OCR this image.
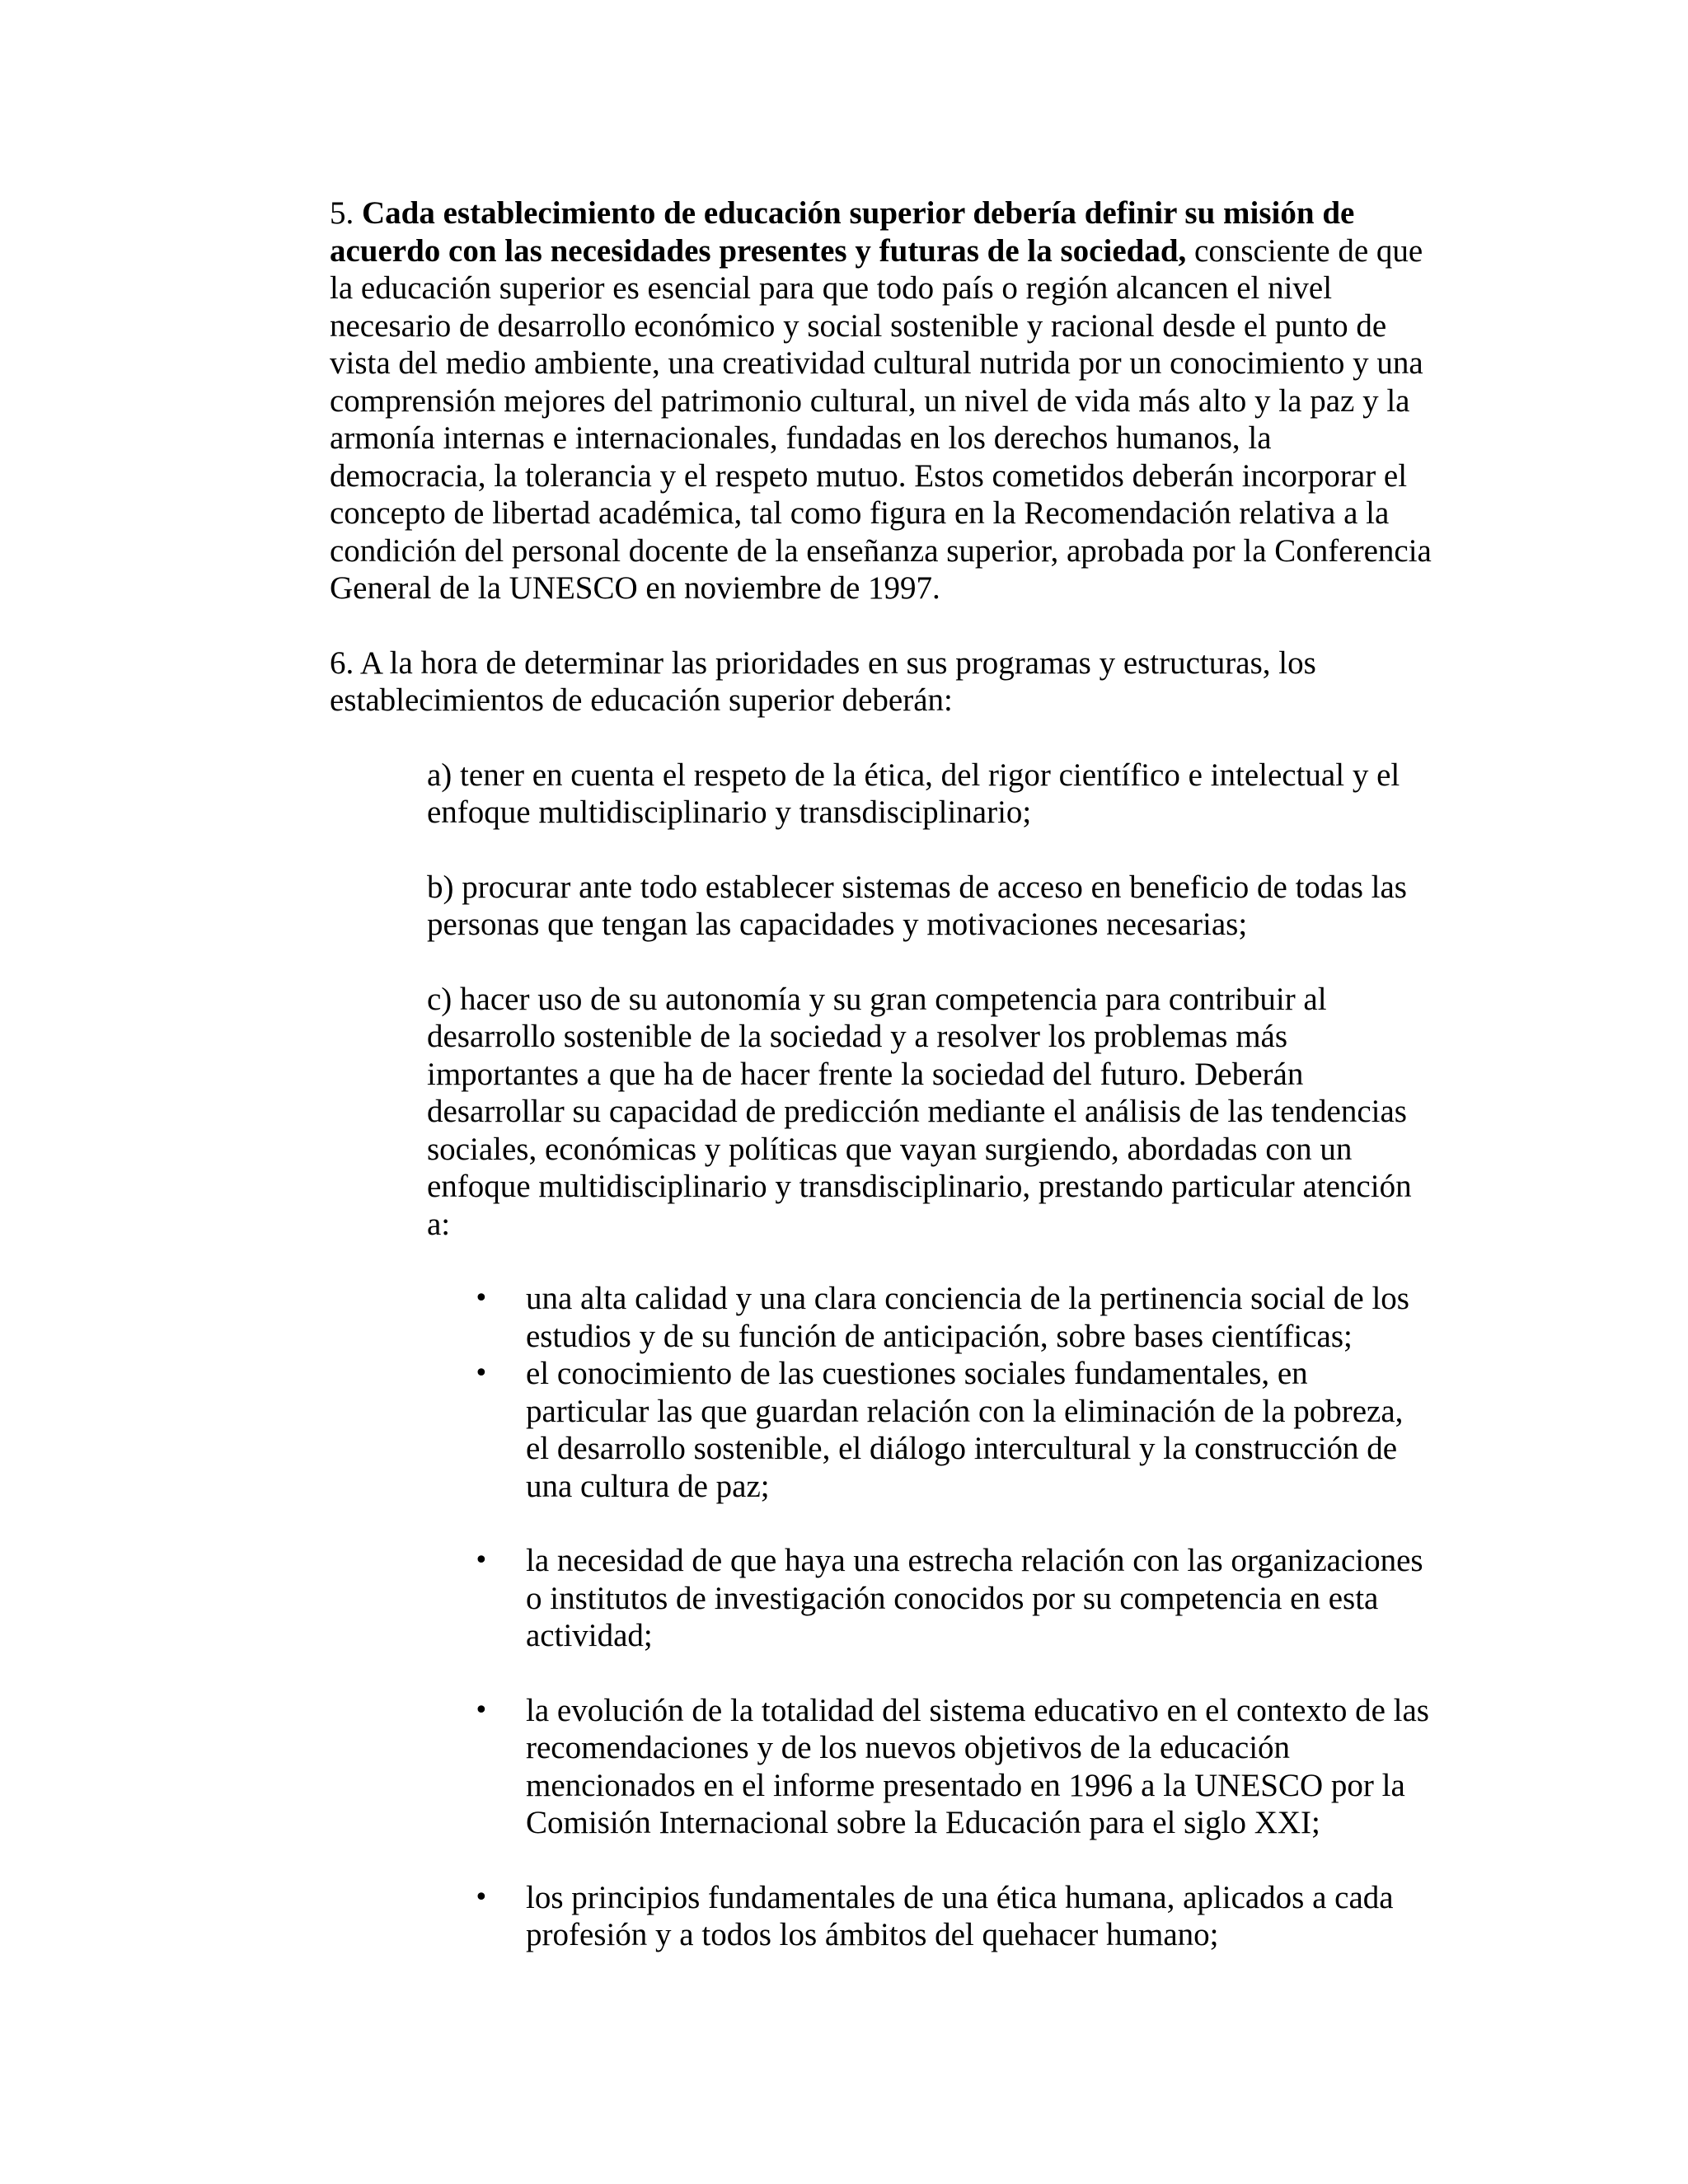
5. Cada establecimiento de educación superior debería definir su misión de acuerdo con las necesidades presentes y futuras de la sociedad, consciente de que la educación superior es esencial para que todo país o región alcancen el nivel necesario de desarrollo económico y social sostenible y racional desde el punto de vista del medio ambiente, una creatividad cultural nutrida por un conocimiento y una comprensión mejores del patrimonio cultural, un nivel de vida más alto y la paz y la armonía internas e internacionales, fundadas en los derechos humanos, la democracia, la tolerancia y el respeto mutuo. Estos cometidos deberán incorporar el concepto de libertad académica, tal como figura en la Recomendación relativa a la condición del personal docente de la enseñanza superior, aprobada por la Conferencia General de la UNESCO en noviembre de 1997.

6. A la hora de determinar las prioridades en sus programas y estructuras, los establecimientos de educación superior deberán:

a) tener en cuenta el respeto de la ética, del rigor científico e intelectual y el enfoque multidisciplinario y transdisciplinario;

b) procurar ante todo establecer sistemas de acceso en beneficio de todas las personas que tengan las capacidades y motivaciones necesarias;

c) hacer uso de su autonomía y su gran competencia para contribuir al desarrollo sostenible de la sociedad y a resolver los problemas más importantes a que ha de hacer frente la sociedad del futuro. Deberán desarrollar su capacidad de predicción mediante el análisis de las tendencias sociales, económicas y políticas que vayan surgiendo, abordadas con un enfoque multidisciplinario y transdisciplinario, prestando particular atención a:

• una alta calidad y una clara conciencia de la pertinencia social de los estudios y de su función de anticipación, sobre bases científicas;
• el conocimiento de las cuestiones sociales fundamentales, en particular las que guardan relación con la eliminación de la pobreza, el desarrollo sostenible, el diálogo intercultural y la construcción de una cultura de paz;
• la necesidad de que haya una estrecha relación con las organizaciones o institutos de investigación conocidos por su competencia en esta actividad;
• la evolución de la totalidad del sistema educativo en el contexto de las recomendaciones y de los nuevos objetivos de la educación mencionados en el informe presentado en 1996 a la UNESCO por la Comisión Internacional sobre la Educación para el siglo XXI;
• los principios fundamentales de una ética humana, aplicados a cada profesión y a todos los ámbitos del quehacer humano;
